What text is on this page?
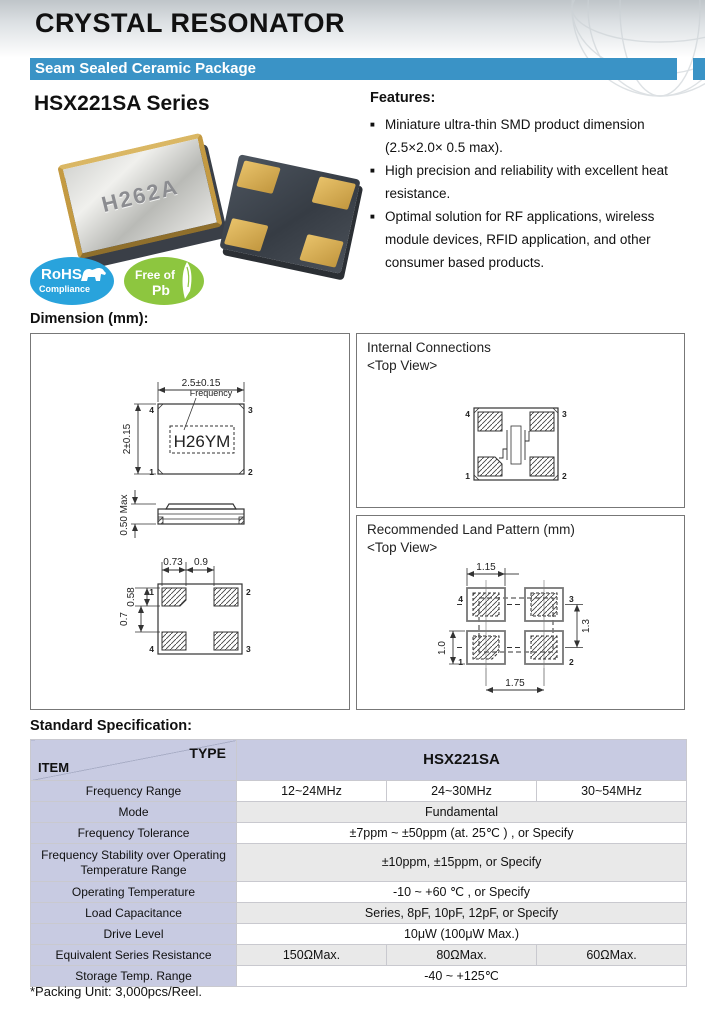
CRYSTAL RESONATOR
Seam Sealed Ceramic Package
HSX221SA Series	Features:
■ Miniature ultra-thin SMD product dimension (2.5×2.0× 0.5 max).
■ High precision and reliability with excellent heat resistance.
■ Optimal solution for RF applications, wireless module devices, RFID application, and other consumer based products.
H262A
RoHS
Compliance
Free of
Pb
Dimension (mm):
4	3
1	2
H26YM
Frequency
2.5±0.15
2±0.15
0.50 Max
1	2
4	3
0.73 0.9
0.58
0.7
Internal Connections
<Top View>
4	3
1	2
Recommended Land Pattern (mm)
<Top View>
4	3
1	2
1.15
1.0
1.3
1.75
Standard Specification:
TYPE
ITEM	HSX221SA		
Frequency Range	12~24MHz	24~30MHz	30~54MHz
Mode	Fundamental		
Frequency Tolerance	±7ppm ~ ±50ppm (at. 25℃ ) , or Specify		
Frequency Stability over Operating Temperature Range	±10ppm, ±15ppm, or Specify		
Operating Temperature	-10 ~ +60 ℃ , or Specify		
Load Capacitance	Series, 8pF, 10pF, 12pF, or Specify		
Drive Level	10μW (100μW Max.)		
Equivalent Series Resistance	150ΩMax.	80ΩMax.	60ΩMax.
Storage Temp. Range	-40 ~ +125℃		
*Packing Unit: 3,000pcs/Reel.
